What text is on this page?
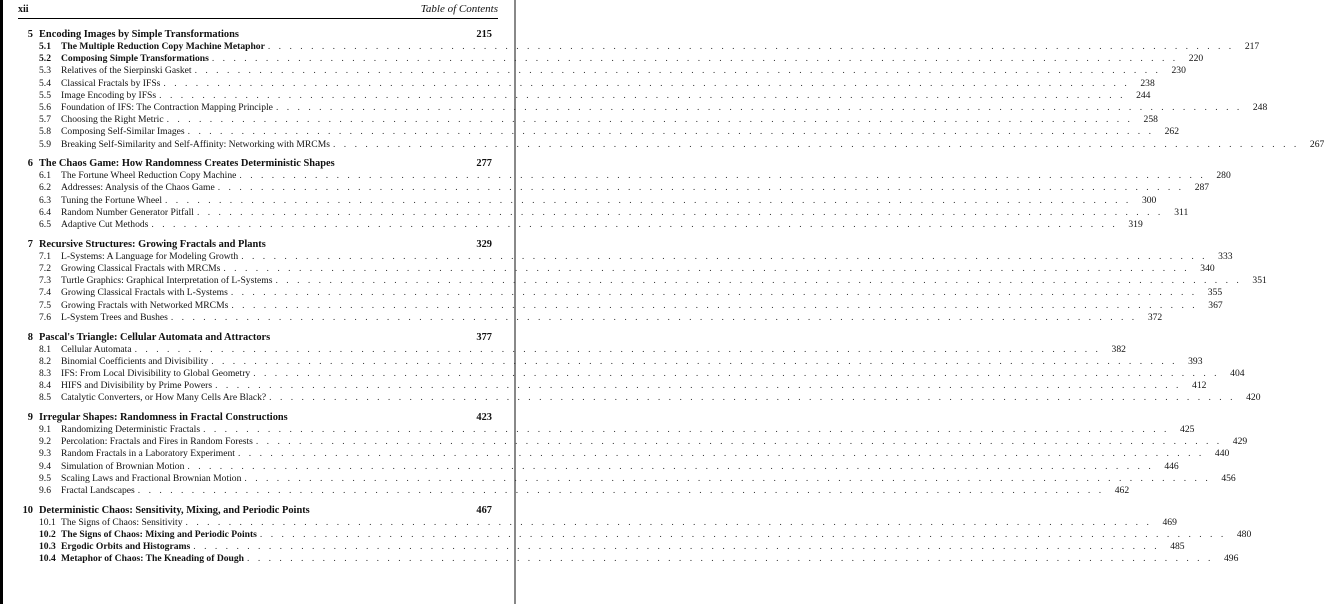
xii	Table of Contents
5 Encoding Images by Simple Transformations	215
5.1	The Multiple Reduction Copy Machine Metaphor . . .	217
5.2	Composing Simple Transformations . . .	220
5.3	Relatives of the Sierpinski Gasket . . .	230
5.4	Classical Fractals by IFSs . . .	238
5.5	Image Encoding by IFSs . . .	244
5.6	Foundation of IFS: The Contraction Mapping Principle . . .	248
5.7	Choosing the Right Metric . . .	258
5.8	Composing Self-Similar Images . . .	262
5.9	Breaking Self-Similarity and Self-Affinity: Networking with MRCMs . . .	267
6 The Chaos Game: How Randomness Creates Deterministic Shapes	277
6.1	The Fortune Wheel Reduction Copy Machine . . .	280
6.2	Addresses: Analysis of the Chaos Game . . .	287
6.3	Tuning the Fortune Wheel . . .	300
6.4	Random Number Generator Pitfall . . .	311
6.5	Adaptive Cut Methods . . .	319
7 Recursive Structures: Growing Fractals and Plants	329
7.1	L-Systems: A Language for Modeling Growth . . .	333
7.2	Growing Classical Fractals with MRCMs . . .	340
7.3	Turtle Graphics: Graphical Interpretation of L-Systems . . .	351
7.4	Growing Classical Fractals with L-Systems . . .	355
7.5	Growing Fractals with Networked MRCMs . . .	367
7.6	L-System Trees and Bushes . . .	372
8 Pascal's Triangle: Cellular Automata and Attractors	377
8.1	Cellular Automata . . .	382
8.2	Binomial Coefficients and Divisibility . . .	393
8.3	IFS: From Local Divisibility to Global Geometry . . .	404
8.4	HIFS and Divisibility by Prime Powers . . .	412
8.5	Catalytic Converters, or How Many Cells Are Black? . . .	420
9 Irregular Shapes: Randomness in Fractal Constructions	423
9.1	Randomizing Deterministic Fractals . . .	425
9.2	Percolation: Fractals and Fires in Random Forests . . .	429
9.3	Random Fractals in a Laboratory Experiment . . .	440
9.4	Simulation of Brownian Motion . . .	446
9.5	Scaling Laws and Fractional Brownian Motion . . .	456
9.6	Fractal Landscapes . . .	462
10 Deterministic Chaos: Sensitivity, Mixing, and Periodic Points	467
10.1 The Signs of Chaos: Sensitivity . . .	469
10.2 The Signs of Chaos: Mixing and Periodic Points . . .	480
10.3 Ergodic Orbits and Histograms . . .	485
10.4 Metaphor of Chaos: The Kneading of Dough . . .	496
